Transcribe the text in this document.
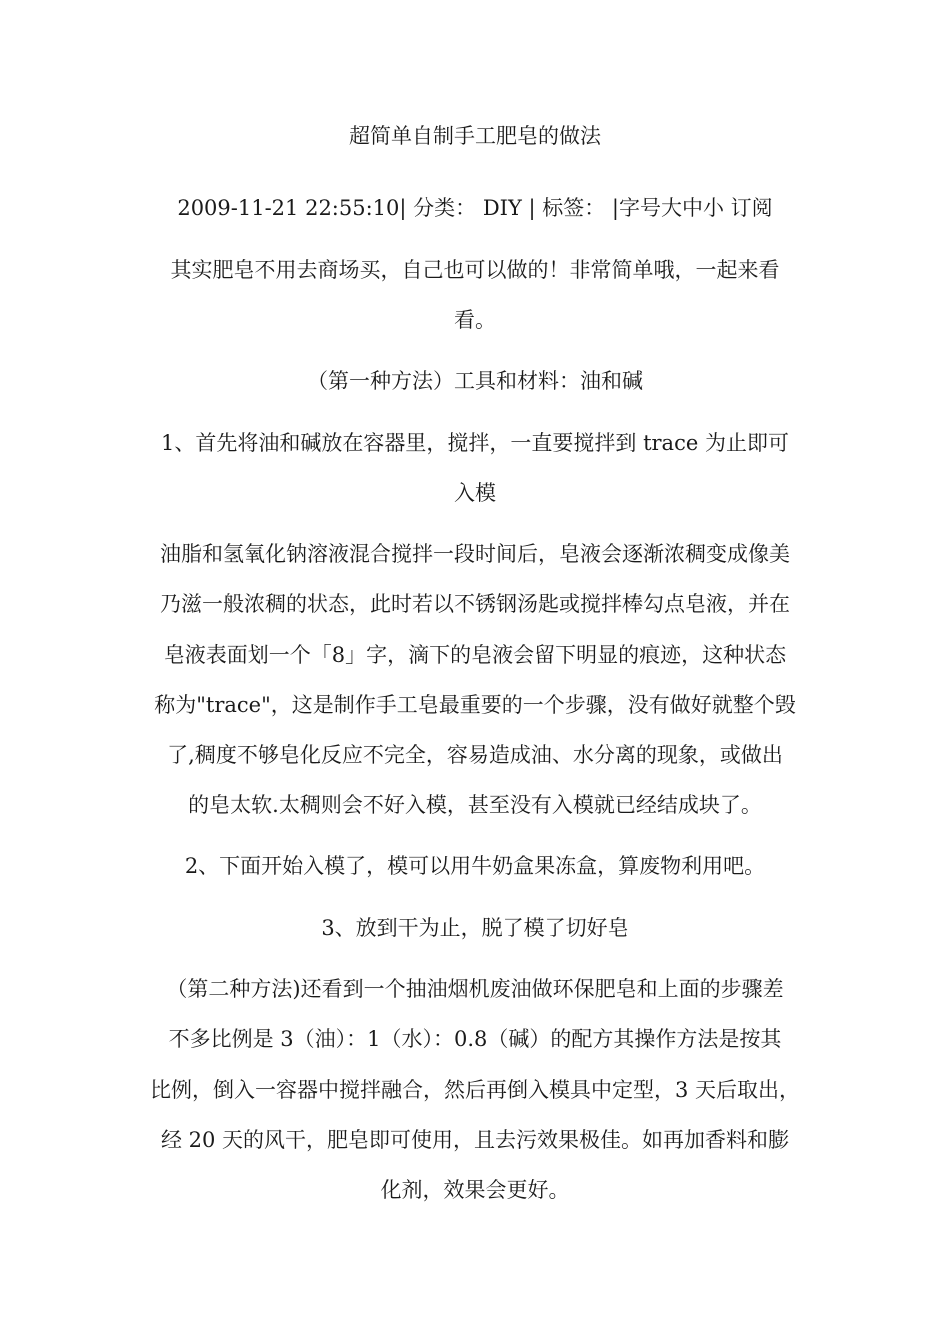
超简单自制手工肥皂的做法
2009-11-21 22:55:10| 分类： DIY | 标签： |字号大中小 订阅
其实肥皂不用去商场买，自己也可以做的！非常简单哦，一起来看
看。
（第一种方法）工具和材料：油和碱
1、首先将油和碱放在容器里，搅拌，一直要搅拌到 trace 为止即可
入模
油脂和氢氧化钠溶液混合搅拌一段时间后，皂液会逐渐浓稠变成像美
乃滋一般浓稠的状态，此时若以不锈钢汤匙或搅拌棒勾点皂液，并在
皂液表面划一个「8」字，滴下的皂液会留下明显的痕迹，这种状态
称为"trace"，这是制作手工皂最重要的一个步骤，没有做好就整个毁
了,稠度不够皂化反应不完全，容易造成油、水分离的现象，或做出
的皂太软.太稠则会不好入模，甚至没有入模就已经结成块了。
2、下面开始入模了，模可以用牛奶盒果冻盒，算废物利用吧。
3、放到干为止，脱了模了切好皂
（第二种方法)还看到一个抽油烟机废油做环保肥皂和上面的步骤差
不多比例是 3（油）：1（水）：0.8（碱）的配方其操作方法是按其
比例，倒入一容器中搅拌融合，然后再倒入模具中定型，3 天后取出，
经 20 天的风干，肥皂即可使用，且去污效果极佳。如再加香料和膨
化剂，效果会更好。
